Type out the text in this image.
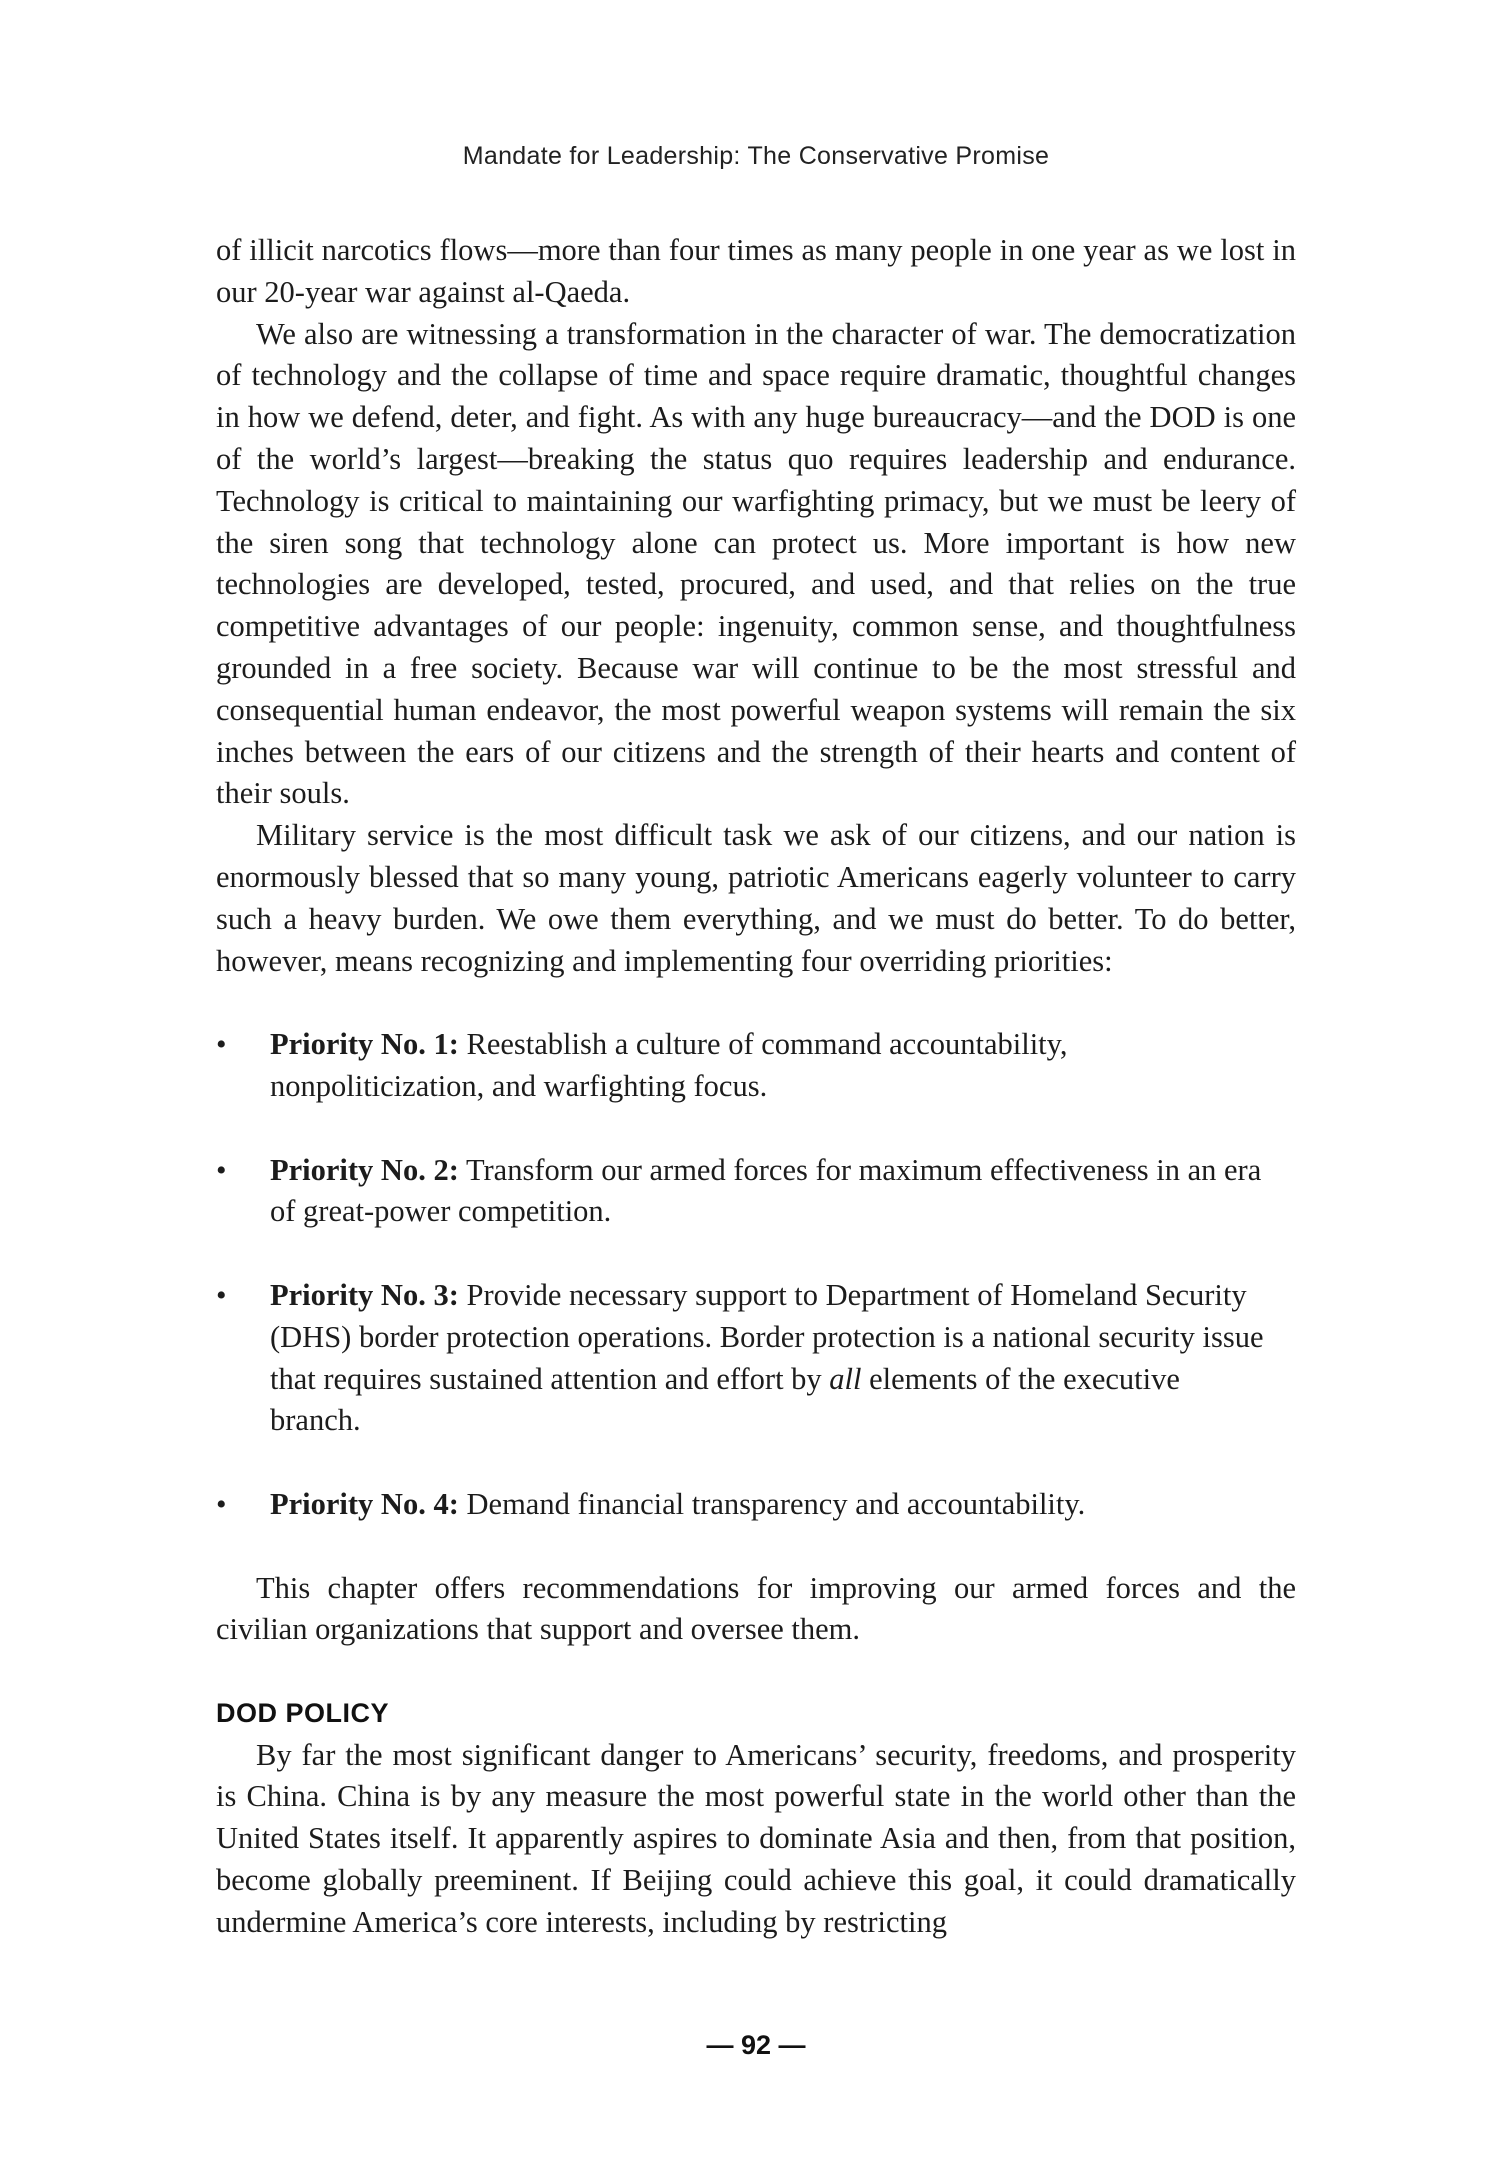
Mandate for Leadership: The Conservative Promise

of illicit narcotics flows—more than four times as many people in one year as we lost in our 20-year war against al-Qaeda.

We also are witnessing a transformation in the character of war. The democratization of technology and the collapse of time and space require dramatic, thoughtful changes in how we defend, deter, and fight. As with any huge bureaucracy—and the DOD is one of the world’s largest—breaking the status quo requires leadership and endurance. Technology is critical to maintaining our warfighting primacy, but we must be leery of the siren song that technology alone can protect us. More important is how new technologies are developed, tested, procured, and used, and that relies on the true competitive advantages of our people: ingenuity, common sense, and thoughtfulness grounded in a free society. Because war will continue to be the most stressful and consequential human endeavor, the most powerful weapon systems will remain the six inches between the ears of our citizens and the strength of their hearts and content of their souls.

Military service is the most difficult task we ask of our citizens, and our nation is enormously blessed that so many young, patriotic Americans eagerly volunteer to carry such a heavy burden. We owe them everything, and we must do better. To do better, however, means recognizing and implementing four overriding priorities:

• Priority No. 1: Reestablish a culture of command accountability, nonpoliticization, and warfighting focus.
• Priority No. 2: Transform our armed forces for maximum effectiveness in an era of great-power competition.
• Priority No. 3: Provide necessary support to Department of Homeland Security (DHS) border protection operations. Border protection is a national security issue that requires sustained attention and effort by all elements of the executive branch.
• Priority No. 4: Demand financial transparency and accountability.

This chapter offers recommendations for improving our armed forces and the civilian organizations that support and oversee them.

DOD POLICY

By far the most significant danger to Americans’ security, freedoms, and prosperity is China. China is by any measure the most powerful state in the world other than the United States itself. It apparently aspires to dominate Asia and then, from that position, become globally preeminent. If Beijing could achieve this goal, it could dramatically undermine America’s core interests, including by restricting

— 92 —
